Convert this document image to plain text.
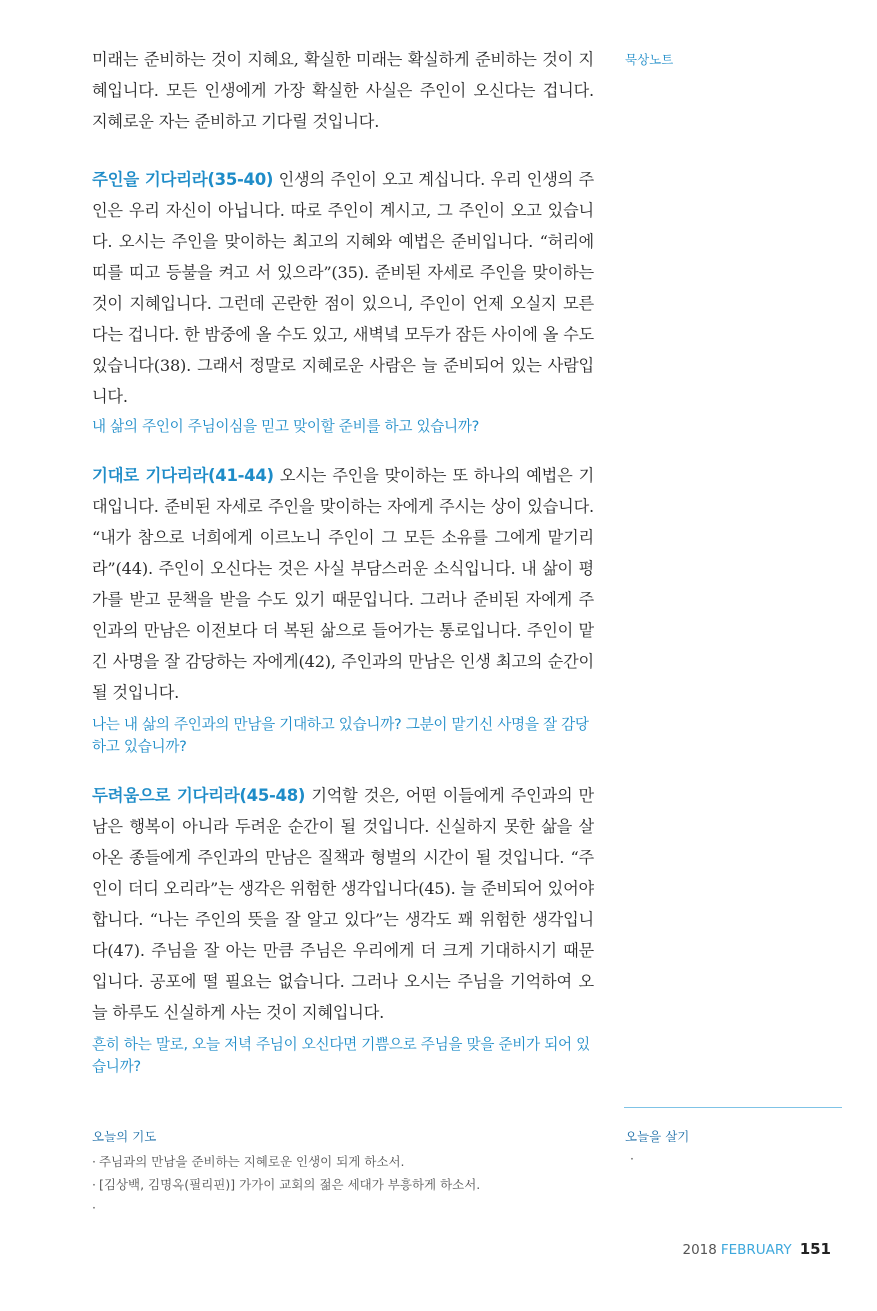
묵상노트

미래는 준비하는 것이 지혜요, 확실한 미래는 확실하게 준비하는 것이 지혜입니다. 모든 인생에게 가장 확실한 사실은 주인이 오신다는 겁니다. 지혜로운 자는 준비하고 기다릴 것입니다.

주인을 기다리라(35-40) 인생의 주인이 오고 계십니다. 우리 인생의 주인은 우리 자신이 아닙니다. 따로 주인이 계시고, 그 주인이 오고 있습니다. 오시는 주인을 맞이하는 최고의 지혜와 예법은 준비입니다. “허리에 띠를 띠고 등불을 켜고 서 있으라”(35). 준비된 자세로 주인을 맞이하는 것이 지혜입니다. 그런데 곤란한 점이 있으니, 주인이 언제 오실지 모른다는 겁니다. 한 밤중에 올 수도 있고, 새벽녘 모두가 잠든 사이에 올 수도 있습니다(38). 그래서 정말로 지혜로운 사람은 늘 준비되어 있는 사람입니다.

내 삶의 주인이 주님이심을 믿고 맞이할 준비를 하고 있습니까?

기대로 기다리라(41-44) 오시는 주인을 맞이하는 또 하나의 예법은 기대입니다. 준비된 자세로 주인을 맞이하는 자에게 주시는 상이 있습니다. “내가 참으로 너희에게 이르노니 주인이 그 모든 소유를 그에게 맡기리라”(44). 주인이 오신다는 것은 사실 부담스러운 소식입니다. 내 삶이 평가를 받고 문책을 받을 수도 있기 때문입니다. 그러나 준비된 자에게 주인과의 만남은 이전보다 더 복된 삶으로 들어가는 통로입니다. 주인이 맡긴 사명을 잘 감당하는 자에게(42), 주인과의 만남은 인생 최고의 순간이 될 것입니다.

나는 내 삶의 주인과의 만남을 기대하고 있습니까? 그분이 맡기신 사명을 잘 감당하고 있습니까?

두려움으로 기다리라(45-48) 기억할 것은, 어떤 이들에게 주인과의 만남은 행복이 아니라 두려운 순간이 될 것입니다. 신실하지 못한 삶을 살아온 종들에게 주인과의 만남은 질책과 형벌의 시간이 될 것입니다. “주인이 더디 오리라”는 생각은 위험한 생각입니다(45). 늘 준비되어 있어야 합니다. “나는 주인의 뜻을 잘 알고 있다”는 생각도 꽤 위험한 생각입니다(47). 주님을 잘 아는 만큼 주님은 우리에게 더 크게 기대하시기 때문입니다. 공포에 떨 필요는 없습니다. 그러나 오시는 주님을 기억하여 오늘 하루도 신실하게 사는 것이 지혜입니다.

흔히 하는 말로, 오늘 저녁 주님이 오신다면 기쁨으로 주님을 맞을 준비가 되어 있습니까?

오늘의 기도
· 주님과의 만남을 준비하는 지혜로운 인생이 되게 하소서.
· [김상백, 김명옥(필리핀)] 가가이 교회의 젊은 세대가 부흥하게 하소서.
·
오늘을 살기
·
2018 FEBRUARY 151
